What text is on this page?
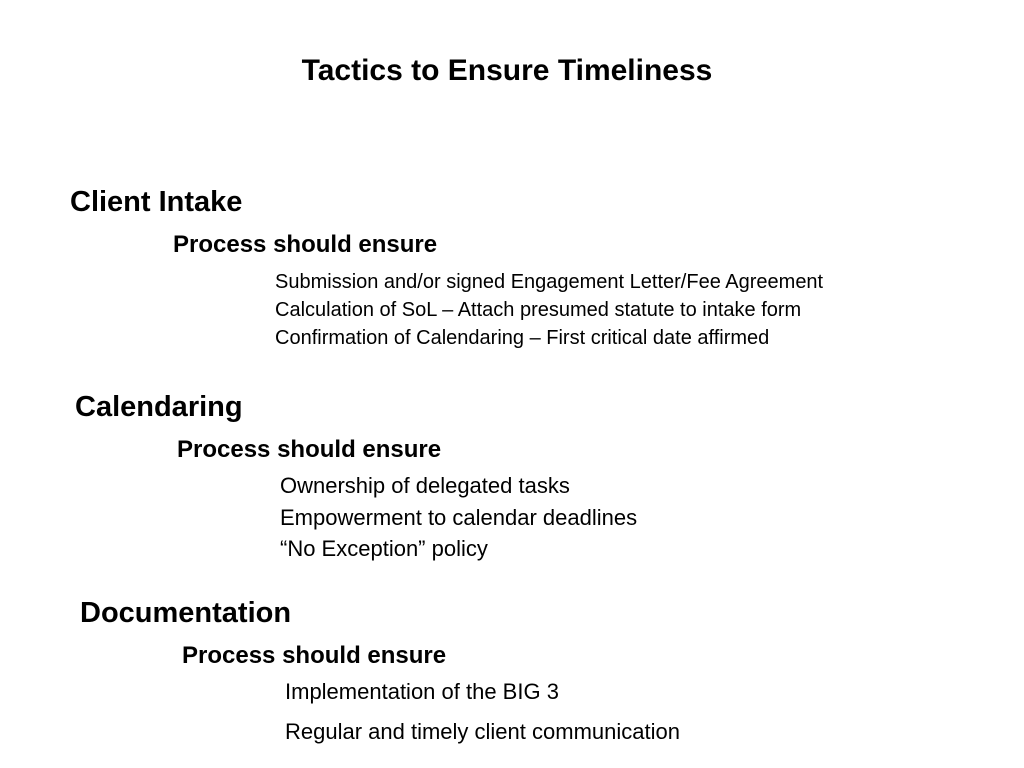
Tactics to Ensure Timeliness
Client Intake
Process should ensure
Submission and/or signed Engagement Letter/Fee Agreement
Calculation of SoL – Attach presumed statute to intake form
Confirmation of Calendaring – First critical date affirmed
Calendaring
Process should ensure
Ownership of delegated tasks
Empowerment to calendar deadlines
“No Exception” policy
Documentation
Process should ensure
Implementation of the BIG 3
Regular and timely client communication
